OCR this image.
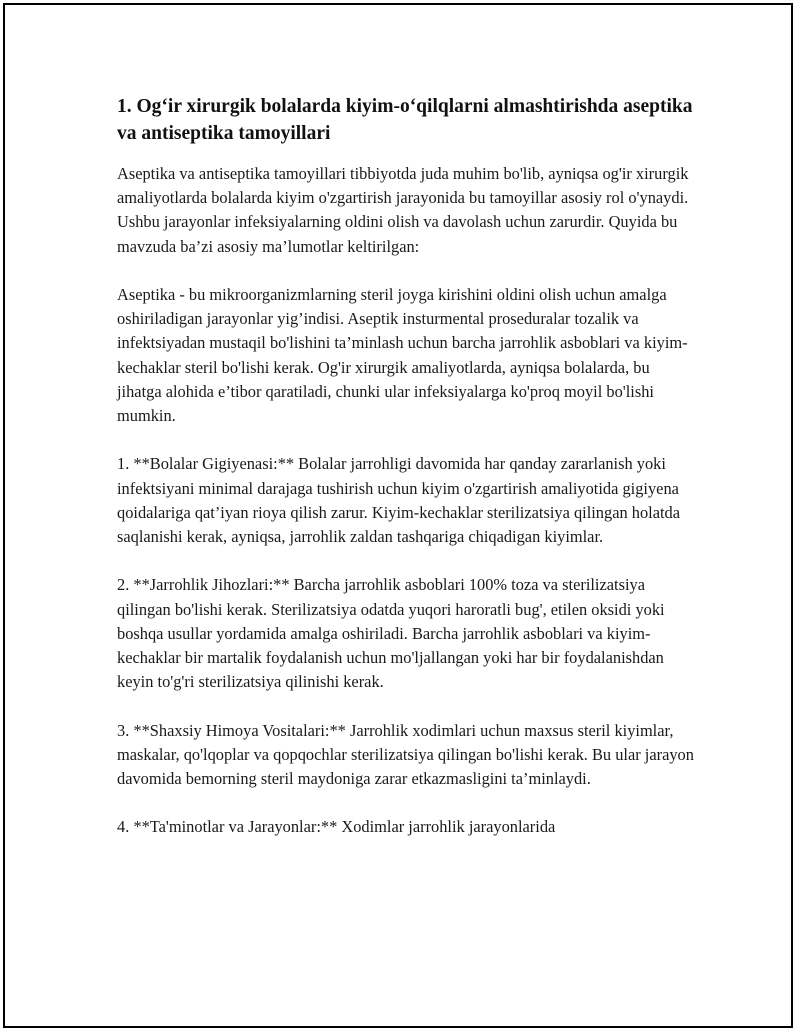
1. Og‘ir xirurgik bolalarda kiyim-o‘qilqlarni almashtirishda aseptika va antiseptika tamoyillari

Aseptika va antiseptika tamoyillari tibbiyotda juda muhim bo'lib, ayniqsa og'ir xirurgik amaliyotlarda bolalarda kiyim o'zgartirish jarayonida bu tamoyillar asosiy rol o'ynaydi. Ushbu jarayonlar infeksiyalarning oldini olish va davolash uchun zarurdir. Quyida bu mavzuda ba’zi asosiy ma’lumotlar keltirilgan:

Aseptika - bu mikroorganizmlarning steril joyga kirishini oldini olish uchun amalga oshiriladigan jarayonlar yig’indisi. Aseptik insturmental proseduralar tozalik va infektsiyadan mustaqil bo'lishini ta’minlash uchun barcha jarrohlik asboblari va kiyim-kechaklar steril bo'lishi kerak. Og'ir xirurgik amaliyotlarda, ayniqsa bolalarda, bu jihatga alohida e’tibor qaratiladi, chunki ular infeksiyalarga ko'proq moyil bo'lishi mumkin.

1. **Bolalar Gigiyenasi:** Bolalar jarrohligi davomida har qanday zararlanish yoki infektsiyani minimal darajaga tushirish uchun kiyim o'zgartirish amaliyotida gigiyena qoidalariga qat’iyan rioya qilish zarur. Kiyim-kechaklar sterilizatsiya qilingan holatda saqlanishi kerak, ayniqsa, jarrohlik zaldan tashqariga chiqadigan kiyimlar.

2. **Jarrohlik Jihozlari:** Barcha jarrohlik asboblari 100% toza va sterilizatsiya qilingan bo'lishi kerak. Sterilizatsiya odatda yuqori haroratli bug', etilen oksidi yoki boshqa usullar yordamida amalga oshiriladi. Barcha jarrohlik asboblari va kiyim-kechaklar bir martalik foydalanish uchun mo'ljallangan yoki har bir foydalanishdan keyin to'g'ri sterilizatsiya qilinishi kerak.

3. **Shaxsiy Himoya Vositalari:** Jarrohlik xodimlari uchun maxsus steril kiyimlar, maskalar, qo'lqoplar va qopqochlar sterilizatsiya qilingan bo'lishi kerak. Bu ular jarayon davomida bemorning steril maydoniga zarar etkazmasligini ta’minlaydi.

4. **Ta'minotlar va Jarayonlar:** Xodimlar jarrohlik jarayonlarida
